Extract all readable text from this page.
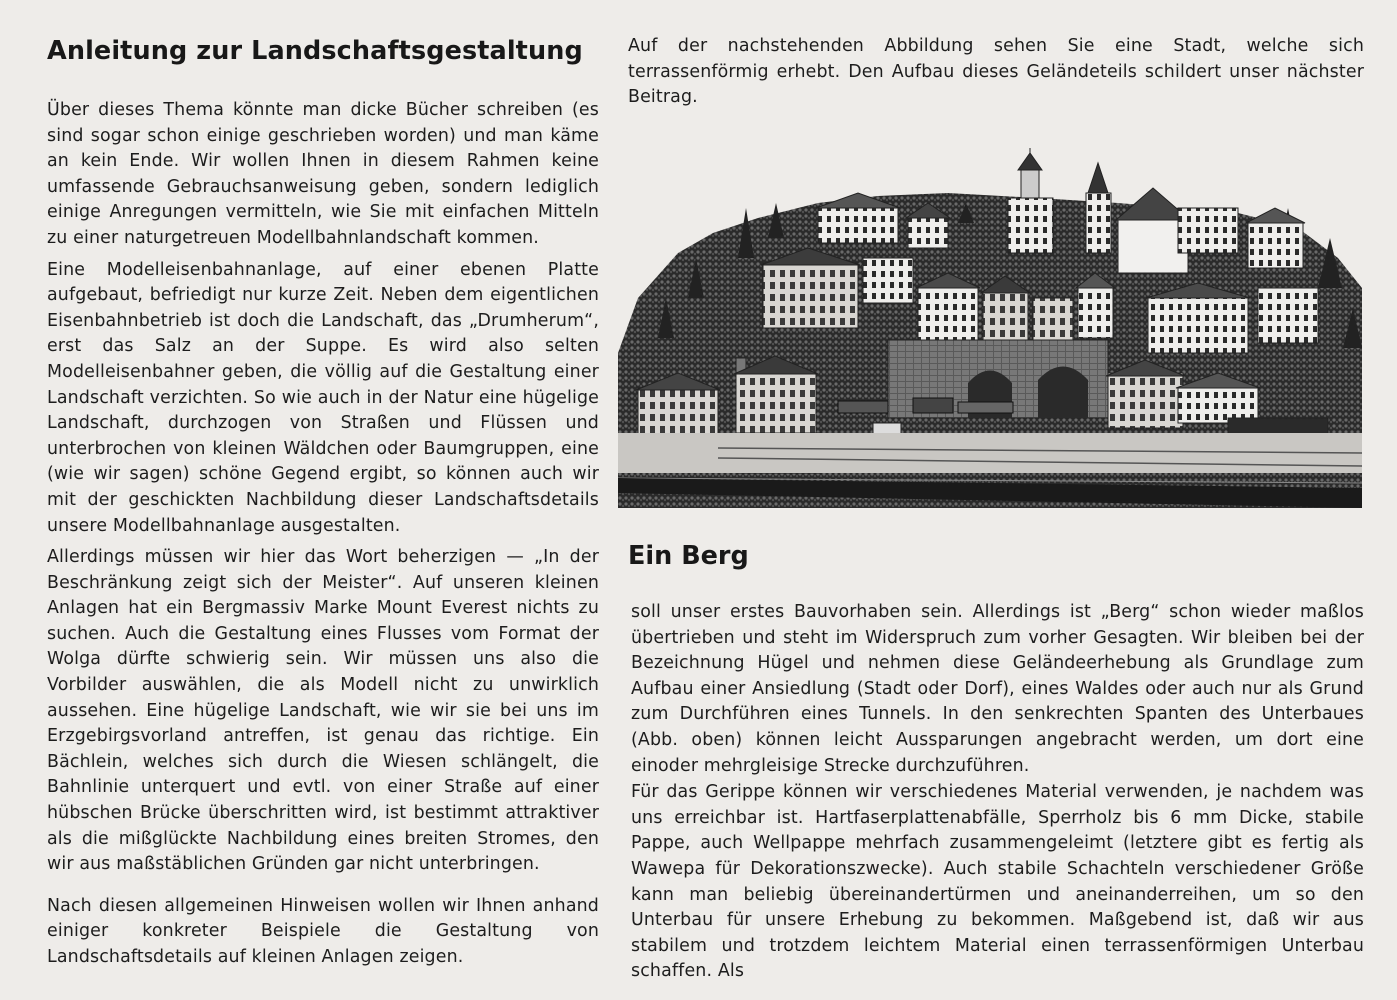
Anleitung zur Landschaftsgestaltung

Über dieses Thema könnte man dicke Bücher schreiben (es sind sogar schon einige geschrieben worden) und man käme an kein Ende. Wir wollen Ihnen in diesem Rahmen keine umfassende Gebrauchsanweisung geben, sondern lediglich einige Anregungen vermitteln, wie Sie mit einfachen Mitteln zu einer naturgetreuen Modellbahnlandschaft kommen.

Eine Modelleisenbahnanlage, auf einer ebenen Platte aufgebaut, befriedigt nur kurze Zeit. Neben dem eigentlichen Eisenbahnbetrieb ist doch die Landschaft, das „Drumherum“, erst das Salz an der Suppe. Es wird also selten Modelleisenbahner geben, die völlig auf die Gestaltung einer Landschaft verzichten. So wie auch in der Natur eine hügelige Landschaft, durchzogen von Straßen und Flüssen und unterbrochen von kleinen Wäldchen oder Baumgruppen, eine (wie wir sagen) schöne Gegend ergibt, so können auch wir mit der geschickten Nachbildung dieser Landschaftsdetails unsere Modellbahnanlage ausgestalten.

Allerdings müssen wir hier das Wort beherzigen — „In der Beschränkung zeigt sich der Meister“. Auf unseren kleinen Anlagen hat ein Bergmassiv Marke Mount Everest nichts zu suchen. Auch die Gestaltung eines Flusses vom Format der Wolga dürfte schwierig sein. Wir müssen uns also die Vorbilder auswählen, die als Modell nicht zu unwirklich aussehen. Eine hügelige Landschaft, wie wir sie bei uns im Erzgebirgsvorland antreffen, ist genau das richtige. Ein Bächlein, welches sich durch die Wiesen schlängelt, die Bahnlinie unterquert und evtl. von einer Straße auf einer hübschen Brücke überschritten wird, ist bestimmt attraktiver als die mißglückte Nachbildung eines breiten Stromes, den wir aus maßstäblichen Gründen gar nicht unterbringen.

Nach diesen allgemeinen Hinweisen wollen wir Ihnen anhand einiger konkreter Beispiele die Gestaltung von Landschaftsdetails auf kleinen Anlagen zeigen.

Auf der nachstehenden Abbildung sehen Sie eine Stadt, welche sich terrassenförmig erhebt. Den Aufbau dieses Geländeteils schildert unser nächster Beitrag.

Ein Berg

soll unser erstes Bauvorhaben sein. Allerdings ist „Berg“ schon wieder maßlos übertrieben und steht im Widerspruch zum vorher Gesagten. Wir bleiben bei der Bezeichnung Hügel und nehmen diese Geländeerhebung als Grundlage zum Aufbau einer Ansiedlung (Stadt oder Dorf), eines Waldes oder auch nur als Grund zum Durchführen eines Tunnels. In den senkrechten Spanten des Unterbaues (Abb. oben) können leicht Aussparungen angebracht werden, um dort eine einoder mehrgleisige Strecke durchzuführen.

Für das Gerippe können wir verschiedenes Material verwenden, je nachdem was uns erreichbar ist. Hartfaserplattenabfälle, Sperrholz bis 6 mm Dicke, stabile Pappe, auch Wellpappe mehrfach zusammengeleimt (letztere gibt es fertig als Wawepa für Dekorationszwecke). Auch stabile Schachteln verschiedener Größe kann man beliebig übereinandertürmen und aneinanderreihen, um so den Unterbau für unsere Erhebung zu bekommen. Maßgebend ist, daß wir aus stabilem und trotzdem leichtem Material einen terrassenförmigen Unterbau schaffen. Als
